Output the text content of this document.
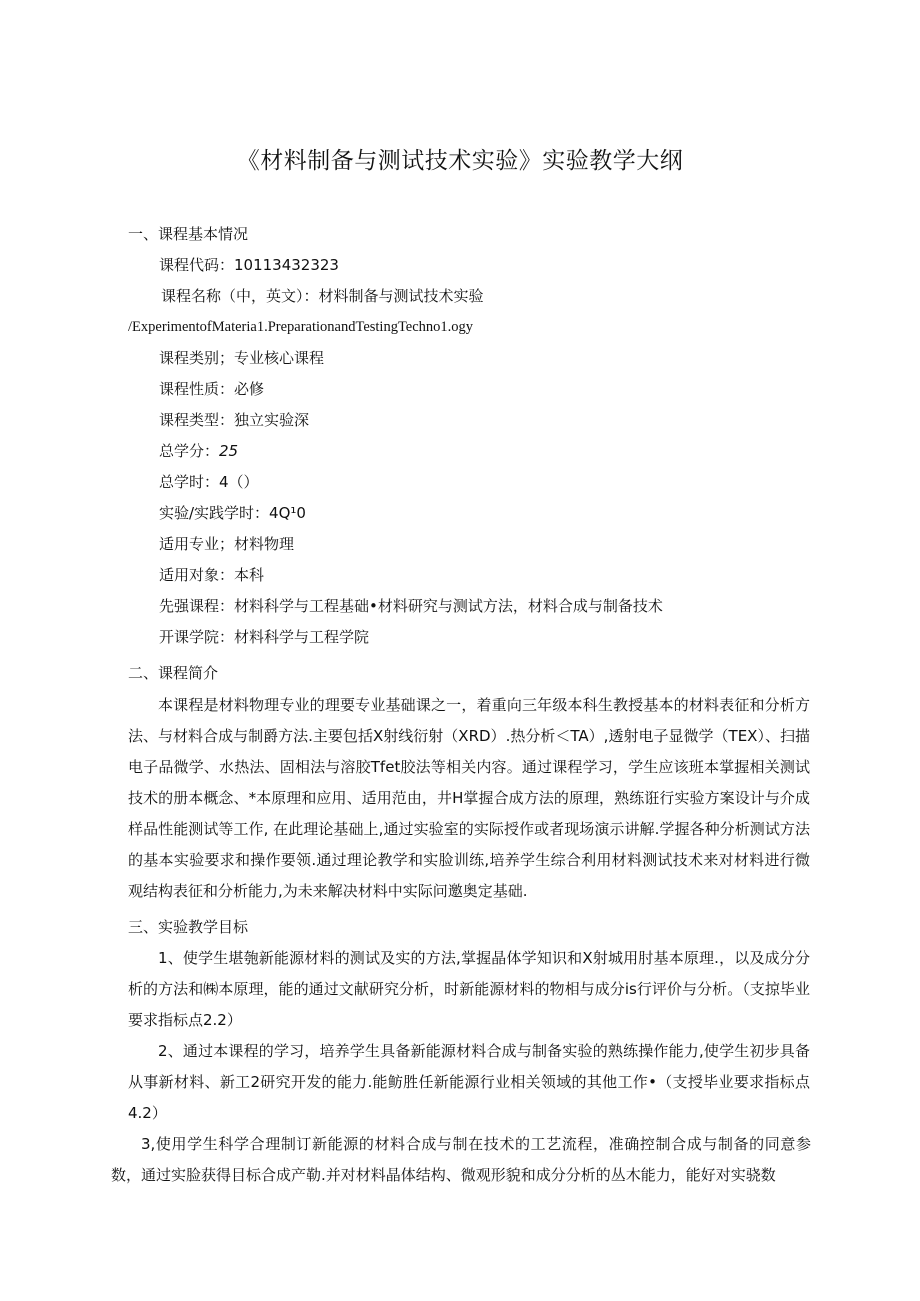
《材料制备与测试技术实验》实验教学大纲
一、课程基本情况
课程代码：10113432323
课程名称（中，英文）：材料制备与测试技术实验
/ExperimentofMateria1.PreparationandTestingTechno1.ogy
课程类别；专业核心课程
课程性质：必修
课程类型：独立实验深
总学分：25
总学时：4（）
实验/实践学时：4Q¹0
适用专业；材料物理
适用对象：本科
先强课程：材料科学与工程基础•材料研究与测试方法，材料合成与制备技术
开课学院：材料科学与工程学院
二、课程简介
本课程是材料物理专业的理要专业基础课之一，着重向三年级本科生教授基本的材料表征和分析方法、与材料合成与制爵方法.主要包括X射线衍射（XRD）.热分析＜TA）,透射电子显微学（TEX）、扫描电子品微学、水热法、固相法与溶胶Tfet胶法等相关内容。通过课程学习，学生应该班本掌握相关测试技术的册本概念、*本原理和应用、适用范由，井H掌握合成方法的原理，熟练诳行实验方案设计与介成样品性能测试等工作, 在此理论基础上,通过实验室的实际授作或者现场演示讲解.学握各种分析测试方法的基本实验要求和操作要领.通过理论教学和实脸训练,培养学生综合利用材料测试技术来对材料进行微观结构表征和分析能力,为未来解决材料中实际问邀奥定基础.
三、实验教学目标
1、使学生堪匏新能源材料的测试及实的方法,掌握晶体学知识和X射城用肘基本原理.，以及成分分析的方法和㈱本原理，能的通过文献研究分析，时新能源材料的物相与成分is行评价与分析。（支掠毕业要求指标点2.2）
2、通过本课程的学习，培养学生具备新能源材料合成与制备实验的熟练操作能力,使学生初步具备从事新材料、新工2研究开发的能力.能鲂胜任新能源行业相关领域的其他工作•（支授毕业要求指标点4.2）
3,使用学生科学合理制订新能源的材料合成与制在技术的工艺流程，准确控制合成与制备的同意参数，通过实脸获得目标合成产勒.并对材料晶体结构、微观形貌和成分分析的丛木能力，能好对实骁数
